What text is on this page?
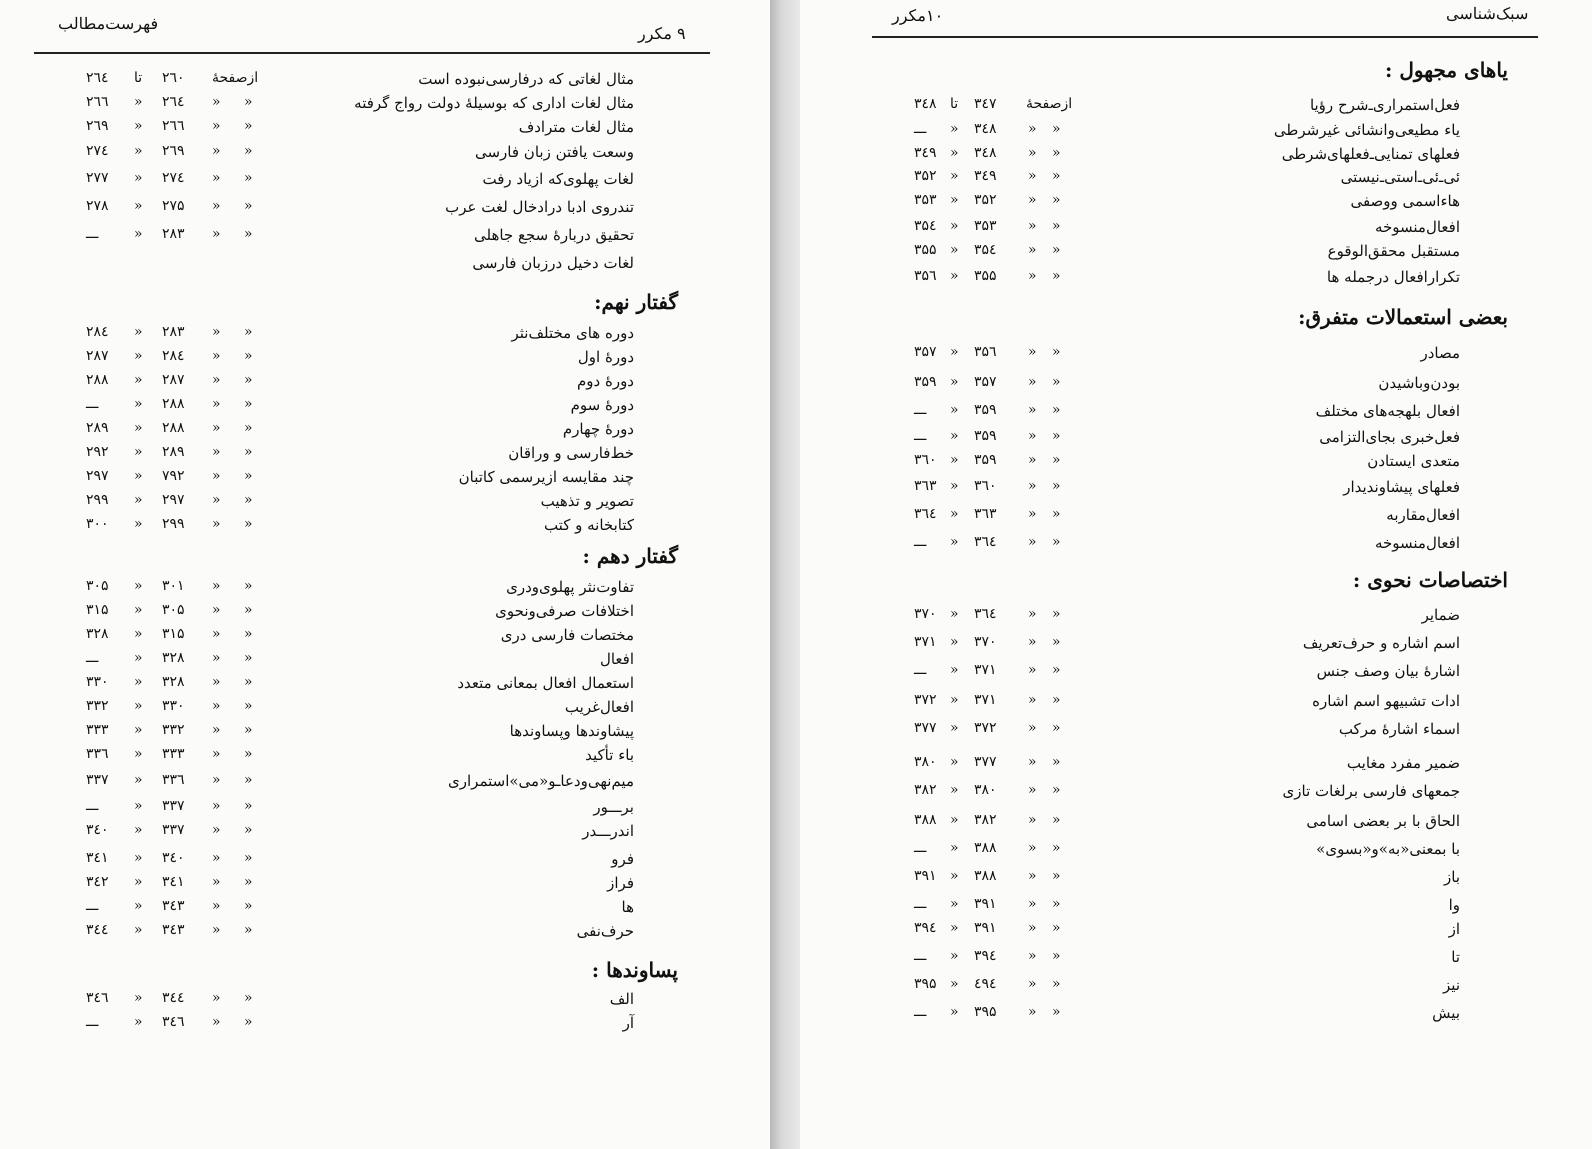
۹ مکرر
فهرست‌مطالب
مثال لغاتی که درفارسی‌نبوده است
ازصفحهٔ
۲٦٠
تا
۲٦٤
مثال لغات اداری که بوسیلهٔ دولت رواج گرفته
«
«
۲٦٤
«
۲٦٦
مثال لغات مترادف
«
«
۲٦٦
«
۲٦۹
وسعت یافتن زبان فارسی
«
«
۲٦۹
«
۲۷٤
لغات پهلوی‌که ازیاد رفت
«
«
۲۷٤
«
۲۷۷
تندروی ادبا دراد‌خال لغت عرب
«
«
۲۷۵
«
۲۷۸
تحقیق دربارهٔ سجع جاهلی
«
«
۲۸۳
«
ـــ
لغات دخیل درزبان فارسی
گفتار نهم:
دوره های مختلف‌نثر
«
«
۲۸۳
«
۲۸٤
دورهٔ اول
«
«
۲۸٤
«
۲۸۷
دورهٔ دوم
«
«
۲۸۷
«
۲۸۸
دورهٔ سوم
«
«
۲۸۸
«
ـــ
دورهٔ چهارم
«
«
۲۸۸
«
۲۸۹
خط‌فارسی و وراقان
«
«
۲۸۹
«
۲۹۲
چند مقایسه ازیرسمی کاتبان
«
«
۷۹۲
«
۲۹۷
تصویر و تذهیب
«
«
۲۹۷
«
۲۹۹
کتابخانه و کتب
«
«
۲۹۹
«
۳۰۰
گفتار دهم :
تفاوت‌نثر پهلوی‌ودری
«
«
۳۰۱
«
۳۰۵
اختلافات صرفی‌ونحوی
«
«
۳۰۵
«
۳۱۵
مختصات فارسی دری
«
«
۳۱۵
«
۳۲۸
افعال
«
«
۳۲۸
«
ـــ
استعمال افعال بمعانی متعدد
«
«
۳۲۸
«
۳۳۰
افعال‌غریب
«
«
۳۳۰
«
۳۳۲
پیشاوندها وپساوندها
«
«
۳۳۲
«
۳۳۳
باء تأکید
«
«
۳۳۳
«
۳۳٦
میم‌نهی‌ودعاـو«می»استمراری
«
«
۳۳٦
«
۳۳۷
برـــور
«
«
۳۳۷
«
ـــ
اندرـــدر
«
«
۳۳۷
«
۳٤۰
فرو
«
«
۳٤۰
«
۳٤۱
فراز
«
«
۳٤۱
«
۳٤۲
ها
«
«
۳٤۳
«
ـــ
حرف‌نفی
«
«
۳٤۳
«
۳٤٤
پساوندها :
الف
«
«
۳٤٤
«
۳٤٦
آر
«
«
۳٤٦
«
ـــ
۱۰مکرر	سبک‌شناسی
یاهای مجهول :
فعل‌استمراری‌ـ‌شرح رؤیا
ازصفحهٔ
۳٤۷
تا
۳٤۸
یاء مطیعی‌وانشائی غیرشرطی
«
«
۳٤۸
«
ـــ
فعلهای تمنایی‌ـ‌فعلهای‌شرطی
«
«
۳٤۸
«
۳٤۹
ئی‌ـ‌ئی‌ـ‌استی‌ـ‌نیستی
«
«
۳٤۹
«
۳۵۲
هاءاسمی ووصفی
«
«
۳۵۲
«
۳۵۳
افعال‌منسوخه
«
«
۳۵۳
«
۳۵٤
مستقبل محقق‌الوقوع
«
«
۳۵٤
«
۳۵۵
تکرارافعال درجمله ها
«
«
۳۵۵
«
۳۵٦
بعضی استعمالات متفرق:
مصادر
«
«
۳۵٦
«
۳۵۷
بودن‌وباشیدن
«
«
۳۵۷
«
۳۵۹
افعال بلهجه‌های مختلف
«
«
۳۵۹
«
ـــ
فعل‌خبری بجای‌التزامی
«
«
۳۵۹
«
ـــ
متعدی ایستادن
«
«
۳۵۹
«
۳٦۰
فعلهای پیشاوندیدار
«
«
۳٦۰
«
۳٦۳
افعال‌مقاربه
«
«
۳٦۳
«
۳٦٤
افعال‌منسوخه
«
«
۳٦٤
«
ـــ
اختصاصات نحوی :
ضمایر
«
«
۳٦٤
«
۳۷۰
اسم اشاره و حرف‌تعریف
«
«
۳۷۰
«
۳۷۱
اشارهٔ بیان وصف جنس
«
«
۳۷۱
«
ـــ
ادات تشبیهو اسم اشاره
«
«
۳۷۱
«
۳۷۲
اسماء اشارهٔ مرکب
«
«
۳۷۲
«
۳۷۷
ضمیر مفرد مغایب
«
«
۳۷۷
«
۳۸۰
جمعهای فارسی برلغات تازی
«
«
۳۸۰
«
۳۸۲
الحاق با بر بعضی اسامی
«
«
۳۸۲
«
۳۸۸
با بمعنی«به»و«بسوی»
«
«
۳۸۸
«
ـــ
باز
«
«
۳۸۸
«
۳۹۱
وا
«
«
۳۹۱
«
ـــ
از
«
«
۳۹۱
«
۳۹٤
تا
«
«
۳۹٤
«
ـــ
نیز
«
«
٤۹٤
«
۳۹۵
بیش
«
«
۳۹۵
«
ـــ
